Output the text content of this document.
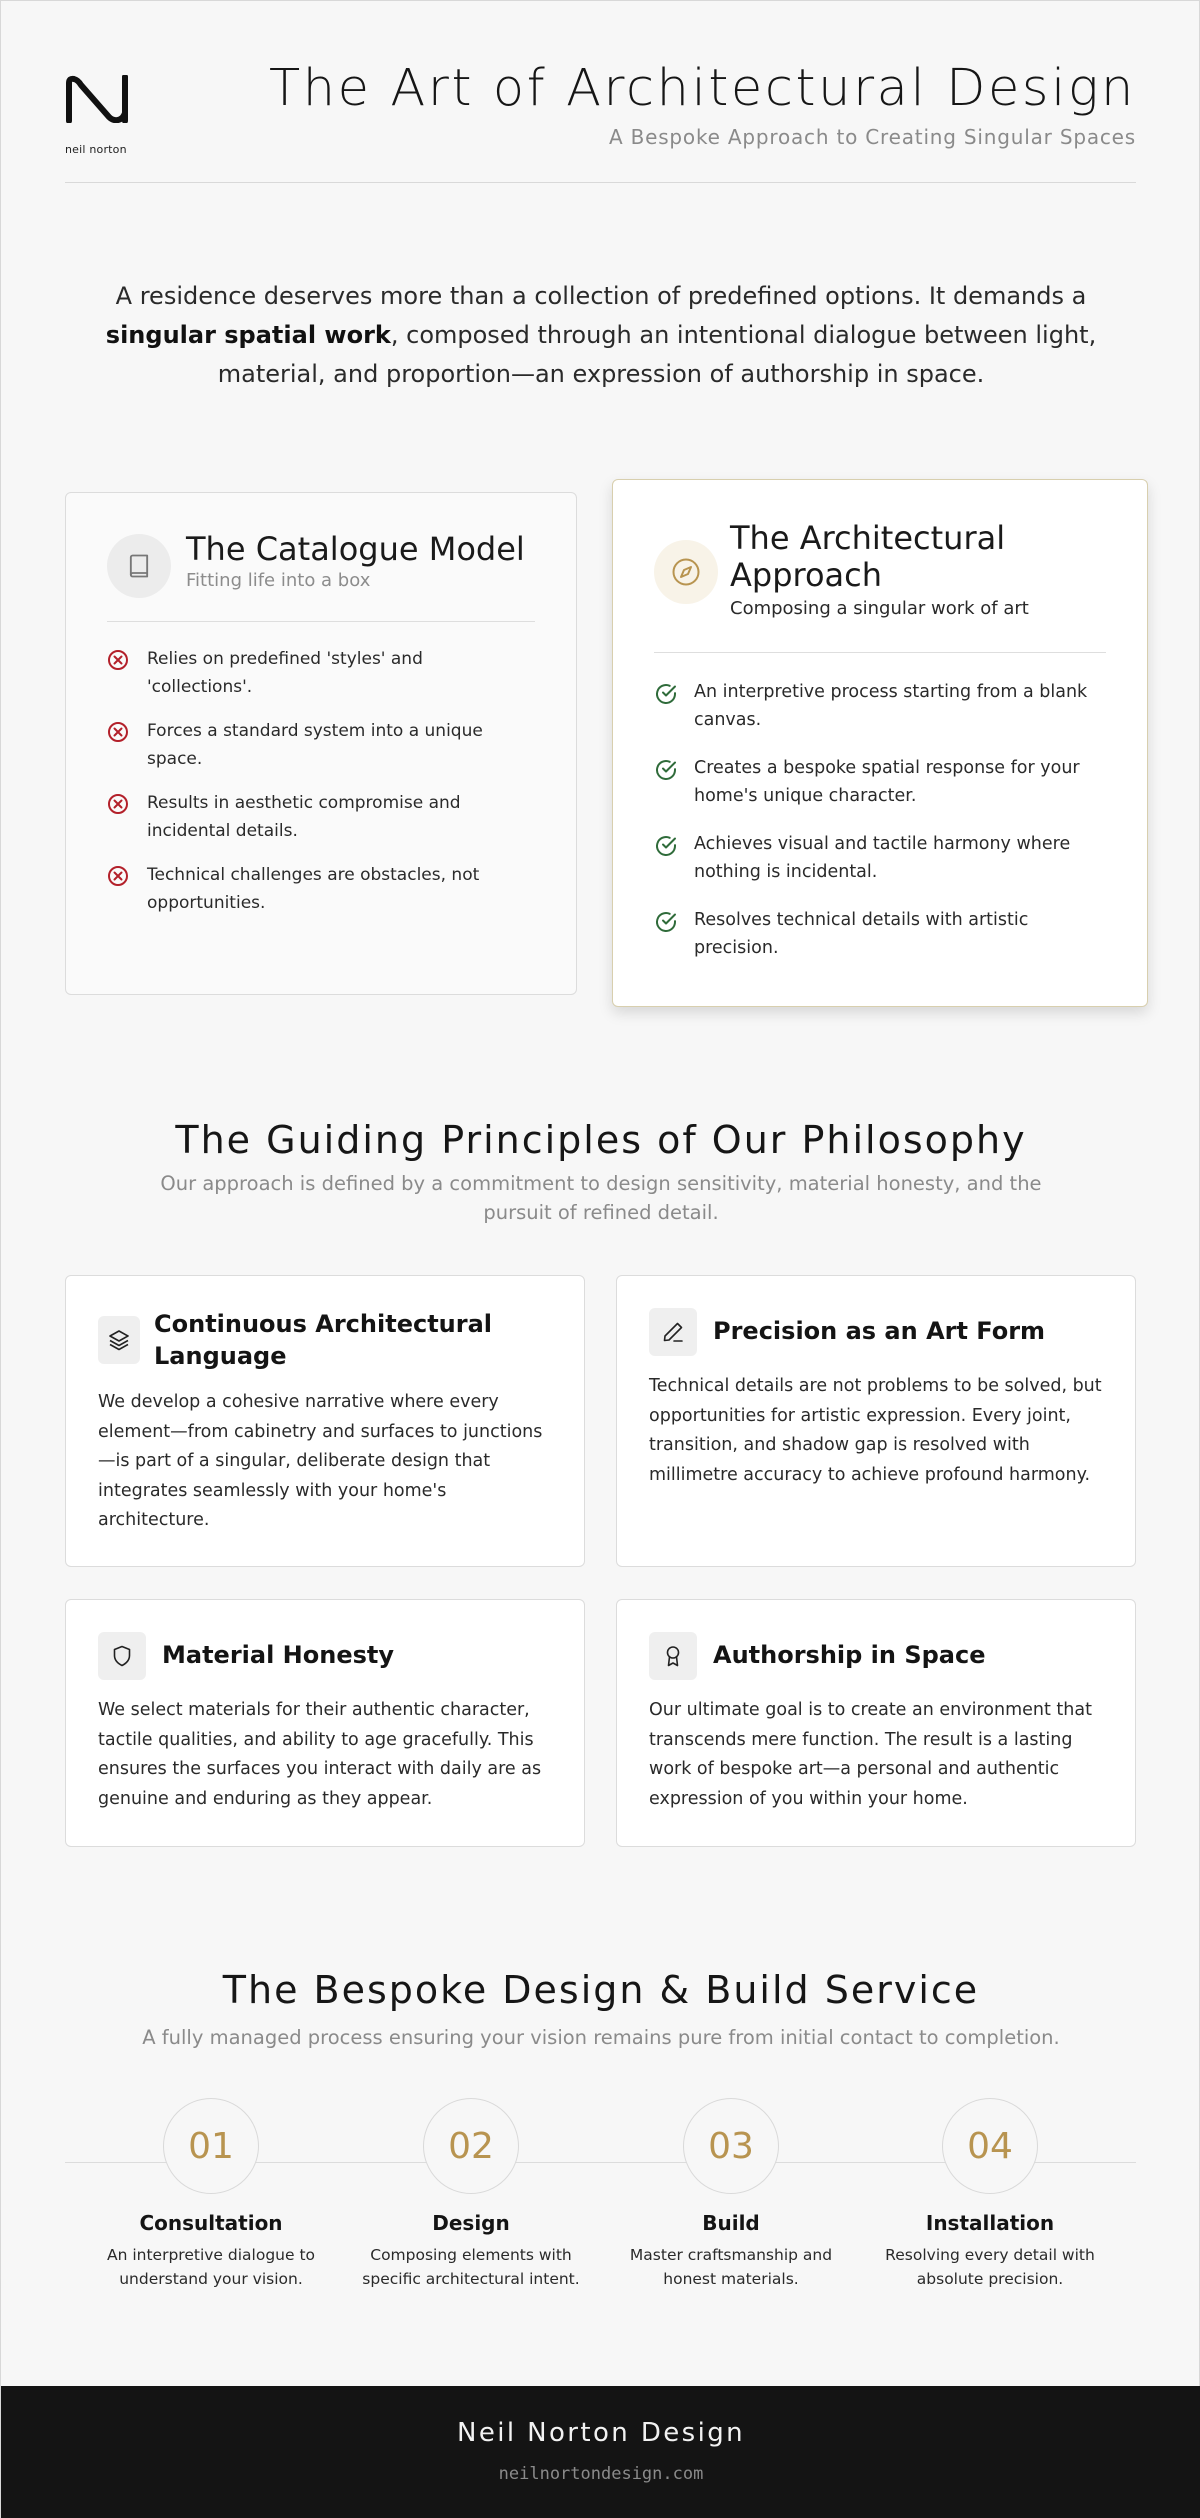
neil norton
The Art of Architectural Design
A Bespoke Approach to Creating Singular Spaces

A residence deserves more than a collection of predefined options. It demands a singular spatial work, composed through an intentional dialogue between light, material, and proportion—an expression of authorship in space.

The Catalogue Model
Fitting life into a box
Relies on predefined 'styles' and 'collections'.
Forces a standard system into a unique space.
Results in aesthetic compromise and incidental details.
Technical challenges are obstacles, not opportunities.
The Architectural Approach
Composing a singular work of art
An interpretive process starting from a blank canvas.
Creates a bespoke spatial response for your home's unique character.
Achieves visual and tactile harmony where nothing is incidental.
Resolves technical details with artistic precision.
The Guiding Principles of Our Philosophy
Our approach is defined by a commitment to design sensitivity, material honesty, and the pursuit of refined detail.
Continuous Architectural Language
We develop a cohesive narrative where every element—from cabinetry and surfaces to junctions—is part of a singular, deliberate design that integrates seamlessly with your home's architecture.
Precision as an Art Form
Technical details are not problems to be solved, but opportunities for artistic expression. Every joint, transition, and shadow gap is resolved with millimetre accuracy to achieve profound harmony.
Material Honesty
We select materials for their authentic character, tactile qualities, and ability to age gracefully. This ensures the surfaces you interact with daily are as genuine and enduring as they appear.
Authorship in Space
Our ultimate goal is to create an environment that transcends mere function. The result is a lasting work of bespoke art—a personal and authentic expression of you within your home.
The Bespoke Design & Build Service
A fully managed process ensuring your vision remains pure from initial contact to completion.
01
Consultation
An interpretive dialogue to understand your vision.
02
Design
Composing elements with specific architectural intent.
03
Build
Master craftsmanship and honest materials.
04
Installation
Resolving every detail with absolute precision.
Neil Norton Design
neilnortondesign.com
